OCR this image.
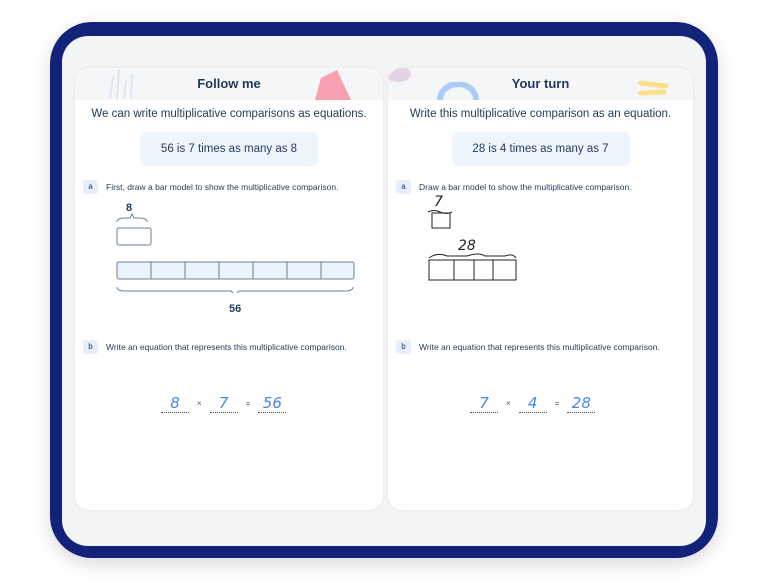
Follow me
We can write multiplicative comparisons as equations.
56 is 7 times as many as 8
a	First, draw a bar model to show the multiplicative comparison.
8
56
b	Write an equation that represents this multiplicative comparison.
8	×	7	= 56
Your turn
Write this multiplicative comparison as an equation.
28 is 4 times as many as 7
a	Draw a bar model to show the multiplicative comparison.
7
28
b	Write an equation that represents this multiplicative comparison.
7	×	4	= 28
